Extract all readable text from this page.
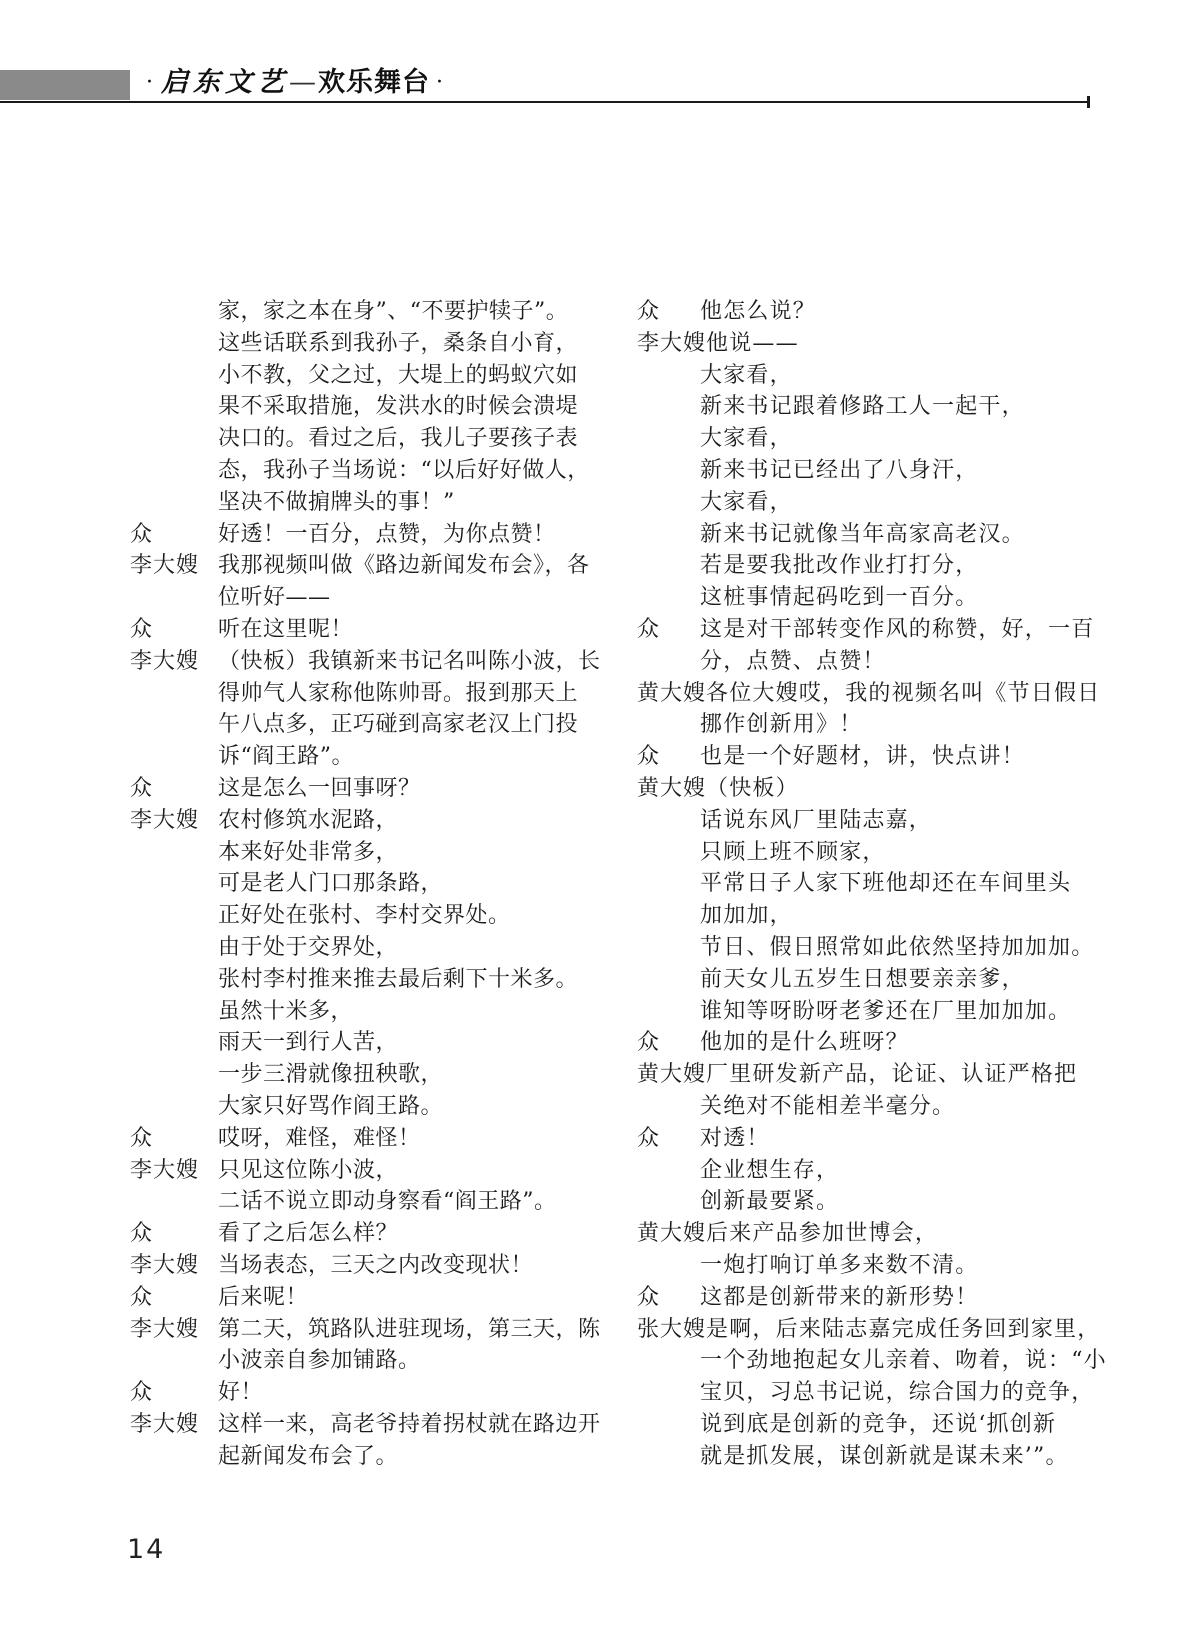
· 启东文艺—欢乐舞台 ·
家，家之本在身”、“不要护犊子”。
这些话联系到我孙子，桑条自小育，
小不教，父之过，大堤上的蚂蚁穴如
果不采取措施，发洪水的时候会溃堤
决口的。看过之后，我儿子要孩子表
态，我孙子当场说：“以后好好做人，
坚决不做掮牌头的事！”
众	好透！一百分，点赞，为你点赞！
李大嫂 我那视频叫做《路边新闻发布会》，各
位听好——
众	听在这里呢！
李大嫂 （快板）我镇新来书记名叫陈小波，长
得帅气人家称他陈帅哥。报到那天上
午八点多，正巧碰到高家老汉上门投
诉“阎王路”。
众	这是怎么一回事呀？
李大嫂 农村修筑水泥路，
本来好处非常多，
可是老人门口那条路，
正好处在张村、李村交界处。
由于处于交界处，
张村李村推来推去最后剩下十米多。
虽然十米多，
雨天一到行人苦，
一步三滑就像扭秧歌，
大家只好骂作阎王路。
众	哎呀，难怪，难怪！
李大嫂 只见这位陈小波，
二话不说立即动身察看“阎王路”。
众	看了之后怎么样？
李大嫂 当场表态，三天之内改变现状！
众	后来呢！
李大嫂 第二天，筑路队进驻现场，第三天，陈
小波亲自参加铺路。
众	好！
李大嫂 这样一来，高老爷持着拐杖就在路边开
起新闻发布会了。
众	他怎么说？
李大嫂 他说——
大家看，
新来书记跟着修路工人一起干，
大家看，
新来书记已经出了八身汗，
大家看，
新来书记就像当年高家高老汉。
若是要我批改作业打打分，
这桩事情起码吃到一百分。
众	这是对干部转变作风的称赞，好，一百
分，点赞、点赞！
黄大嫂 各位大嫂哎，我的视频名叫《节日假日
挪作创新用》！
众	也是一个好题材，讲，快点讲！
黄大嫂 （快板）
话说东风厂里陆志嘉，
只顾上班不顾家，
平常日子人家下班他却还在车间里头
加加加，
节日、假日照常如此依然坚持加加加。
前天女儿五岁生日想要亲亲爹，
谁知等呀盼呀老爹还在厂里加加加。
众	他加的是什么班呀？
黄大嫂 厂里研发新产品，论证、认证严格把
关绝对不能相差半毫分。
众	对透！
企业想生存，
创新最要紧。
黄大嫂 后来产品参加世博会，
一炮打响订单多来数不清。
众	这都是创新带来的新形势！
张大嫂 是啊，后来陆志嘉完成任务回到家里，
一个劲地抱起女儿亲着、吻着，说：“小
宝贝，习总书记说，综合国力的竞争，
说到底是创新的竞争，还说‘抓创新
就是抓发展，谋创新就是谋未来’”。
14
